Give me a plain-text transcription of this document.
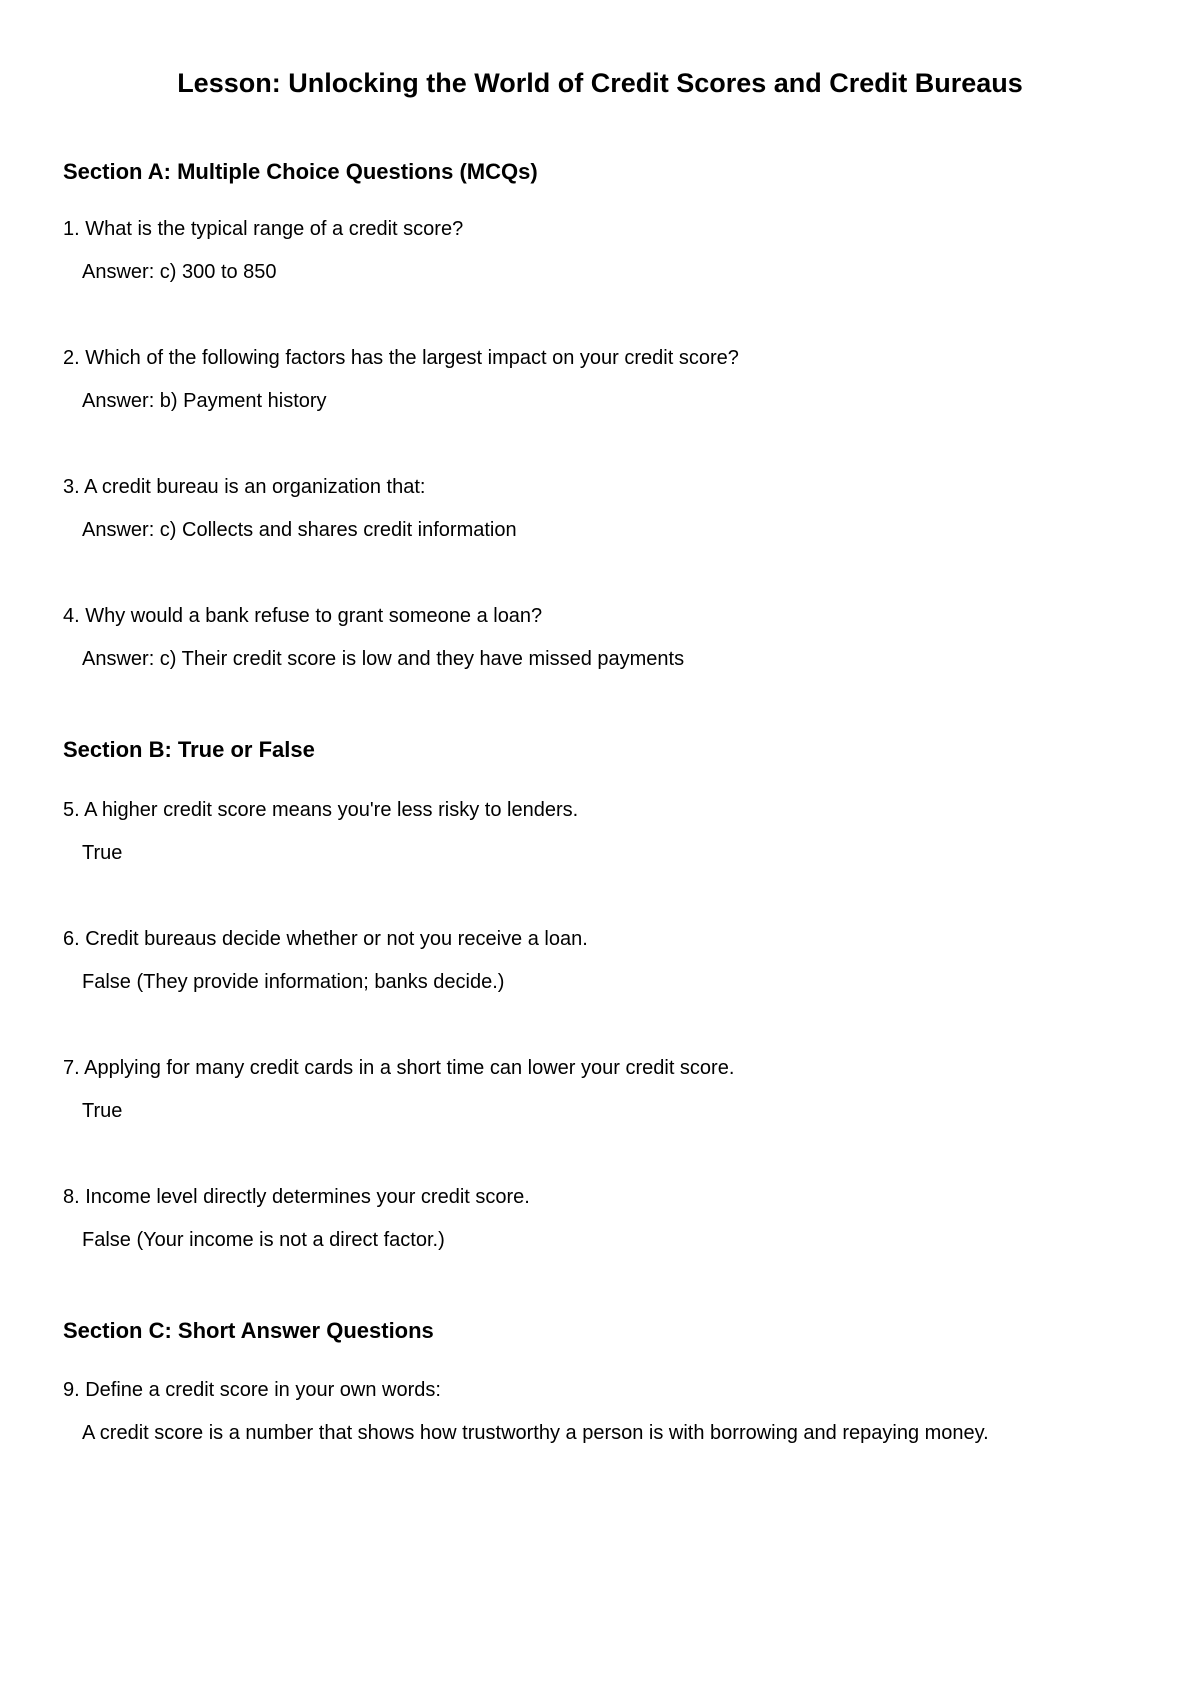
Lesson: Unlocking the World of Credit Scores and Credit Bureaus
Section A: Multiple Choice Questions (MCQs)

1. What is the typical range of a credit score?

Answer: c) 300 to 850

2. Which of the following factors has the largest impact on your credit score?

Answer: b) Payment history

3. A credit bureau is an organization that:

Answer: c) Collects and shares credit information

4. Why would a bank refuse to grant someone a loan?

Answer: c) Their credit score is low and they have missed payments

Section B: True or False

5. A higher credit score means you're less risky to lenders.

True

6. Credit bureaus decide whether or not you receive a loan.

False (They provide information; banks decide.)

7. Applying for many credit cards in a short time can lower your credit score.

True

8. Income level directly determines your credit score.

False (Your income is not a direct factor.)

Section C: Short Answer Questions

9. Define a credit score in your own words:

A credit score is a number that shows how trustworthy a person is with borrowing and repaying money.
